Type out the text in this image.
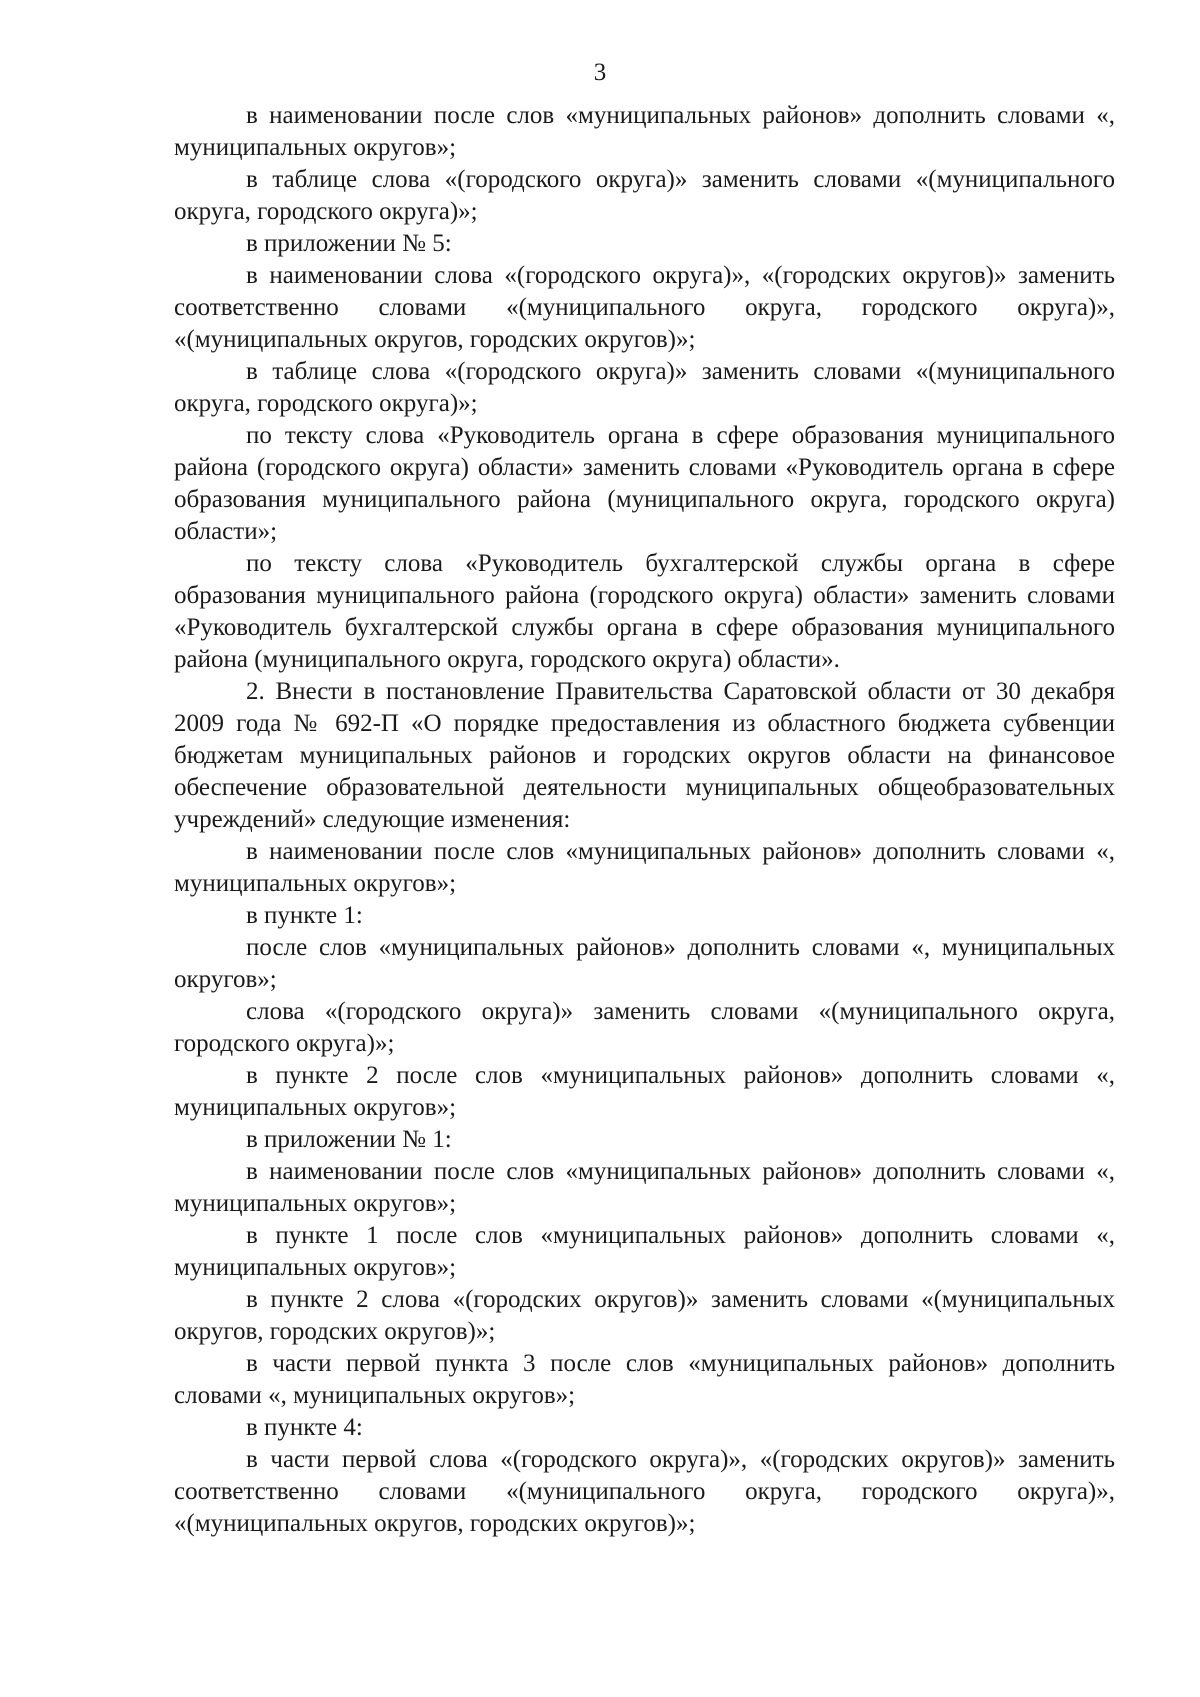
3

в наименовании после слов «муниципальных районов» дополнить словами «, муниципальных округов»;

в таблице слова «(городского округа)» заменить словами «(муниципального округа, городского округа)»;

в приложении № 5:

в наименовании слова «(городского округа)», «(городских округов)» заменить соответственно словами «(муниципального округа, городского округа)», «(муниципальных округов, городских округов)»;

в таблице слова «(городского округа)» заменить словами «(муниципального округа, городского округа)»;

по тексту слова «Руководитель органа в сфере образования муниципального района (городского округа) области» заменить словами «Руководитель органа в сфере образования муниципального района (муниципального округа, городского округа) области»;

по тексту слова «Руководитель бухгалтерской службы органа в сфере образования муниципального района (городского округа) области» заменить словами «Руководитель бухгалтерской службы органа в сфере образования муниципального района (муниципального округа, городского округа) области».

2. Внести в постановление Правительства Саратовской области от 30 декабря 2009 года № 692-П «О порядке предоставления из областного бюджета субвенции бюджетам муниципальных районов и городских округов области на финансовое обеспечение образовательной деятельности муниципальных общеобразовательных учреждений» следующие изменения:

в наименовании после слов «муниципальных районов» дополнить словами «, муниципальных округов»;

в пункте 1:

после слов «муниципальных районов» дополнить словами «, муниципальных округов»;

слова «(городского округа)» заменить словами «(муниципального округа, городского округа)»;

в пункте 2 после слов «муниципальных районов» дополнить словами «, муниципальных округов»;

в приложении № 1:

в наименовании после слов «муниципальных районов» дополнить словами «, муниципальных округов»;

в пункте 1 после слов «муниципальных районов» дополнить словами «, муниципальных округов»;

в пункте 2 слова «(городских округов)» заменить словами «(муниципальных округов, городских округов)»;

в части первой пункта 3 после слов «муниципальных районов» дополнить словами «, муниципальных округов»;

в пункте 4:

в части первой слова «(городского округа)», «(городских округов)» заменить соответственно словами «(муниципального округа, городского округа)», «(муниципальных округов, городских округов)»;
